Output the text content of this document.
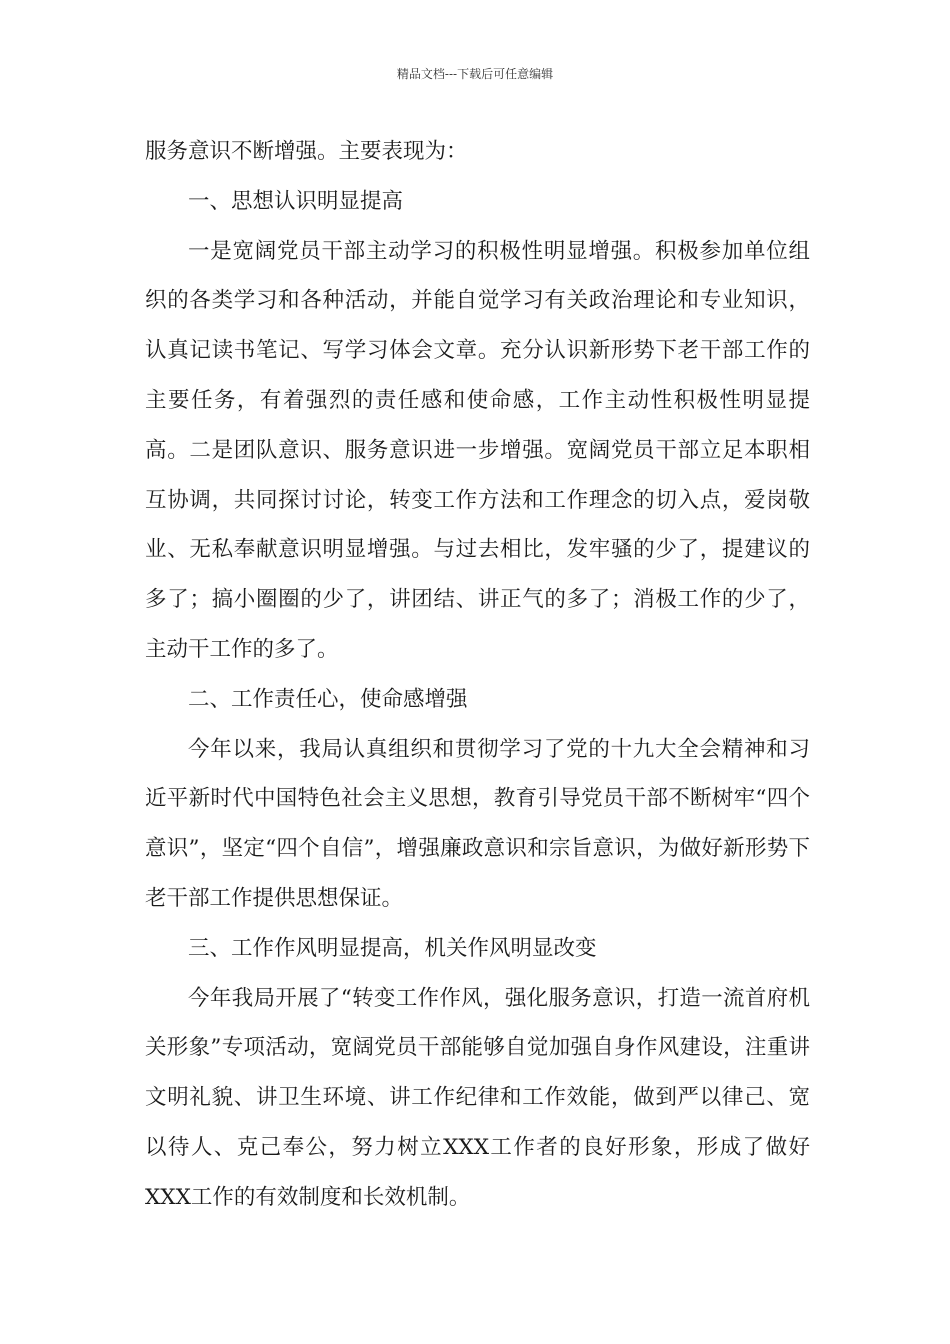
精品文档---下载后可任意编辑

服务意识不断增强。主要表现为：

一、思想认识明显提高

一是宽阔党员干部主动学习的积极性明显增强。积极参加单位组织的各类学习和各种活动，并能自觉学习有关政治理论和专业知识，认真记读书笔记、写学习体会文章。充分认识新形势下老干部工作的主要任务，有着强烈的责任感和使命感，工作主动性积极性明显提高。二是团队意识、服务意识进一步增强。宽阔党员干部立足本职相互协调，共同探讨讨论，转变工作方法和工作理念的切入点，爱岗敬业、无私奉献意识明显增强。与过去相比，发牢骚的少了，提建议的多了；搞小圈圈的少了，讲团结、讲正气的多了；消极工作的少了，主动干工作的多了。

二、工作责任心，使命感增强

今年以来，我局认真组织和贯彻学习了党的十九大全会精神和习近平新时代中国特色社会主义思想，教育引导党员干部不断树牢“四个意识”，坚定“四个自信”，增强廉政意识和宗旨意识，为做好新形势下老干部工作提供思想保证。

三、工作作风明显提高，机关作风明显改变

今年我局开展了“转变工作作风，强化服务意识，打造一流首府机关形象”专项活动，宽阔党员干部能够自觉加强自身作风建设，注重讲文明礼貌、讲卫生环境、讲工作纪律和工作效能，做到严以律己、宽以待人、克己奉公，努力树立XXX工作者的良好形象，形成了做好XXX工作的有效制度和长效机制。
